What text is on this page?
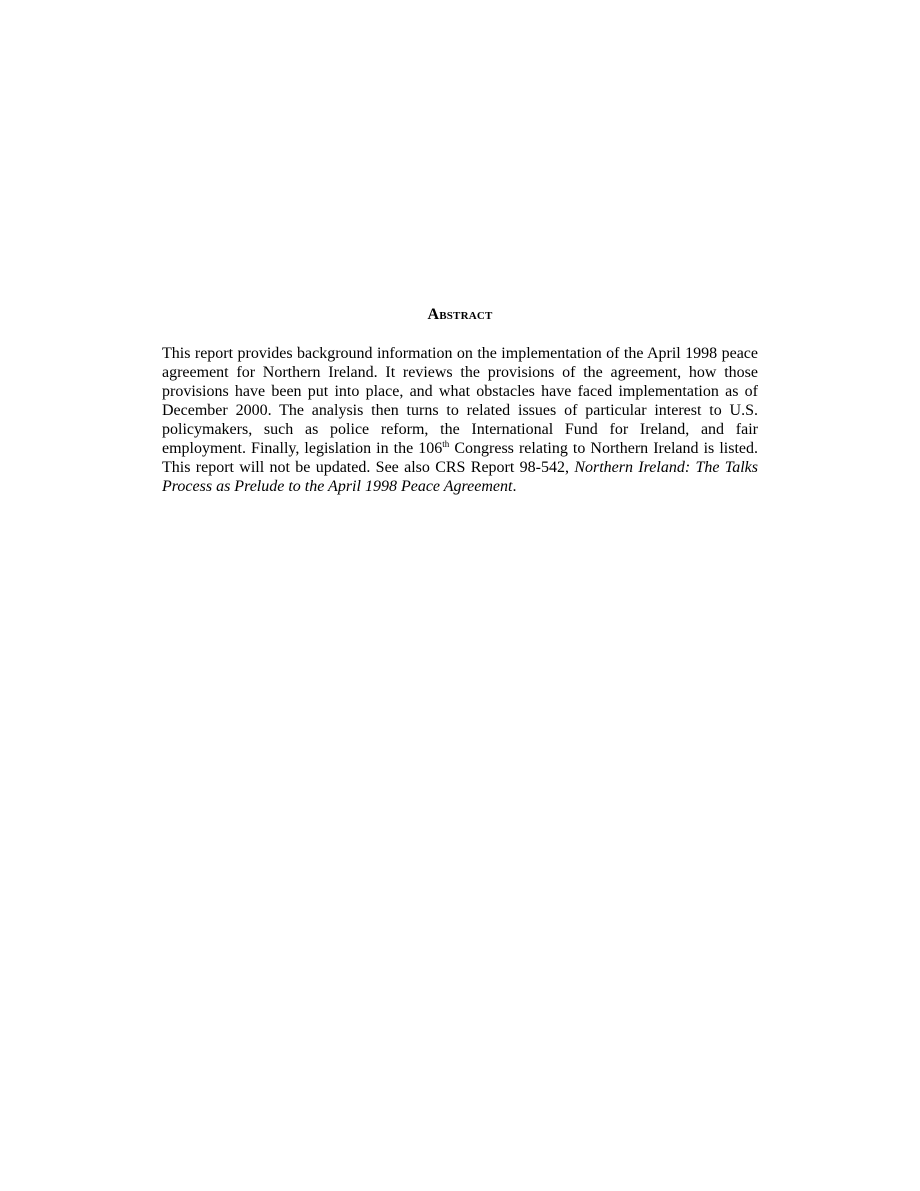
Abstract

This report provides background information on the implementation of the April 1998 peace agreement for Northern Ireland. It reviews the provisions of the agreement, how those provisions have been put into place, and what obstacles have faced implementation as of December 2000. The analysis then turns to related issues of particular interest to U.S. policymakers, such as police reform, the International Fund for Ireland, and fair employment. Finally, legislation in the 106th Congress relating to Northern Ireland is listed. This report will not be updated. See also CRS Report 98-542, Northern Ireland: The Talks Process as Prelude to the April 1998 Peace Agreement.
